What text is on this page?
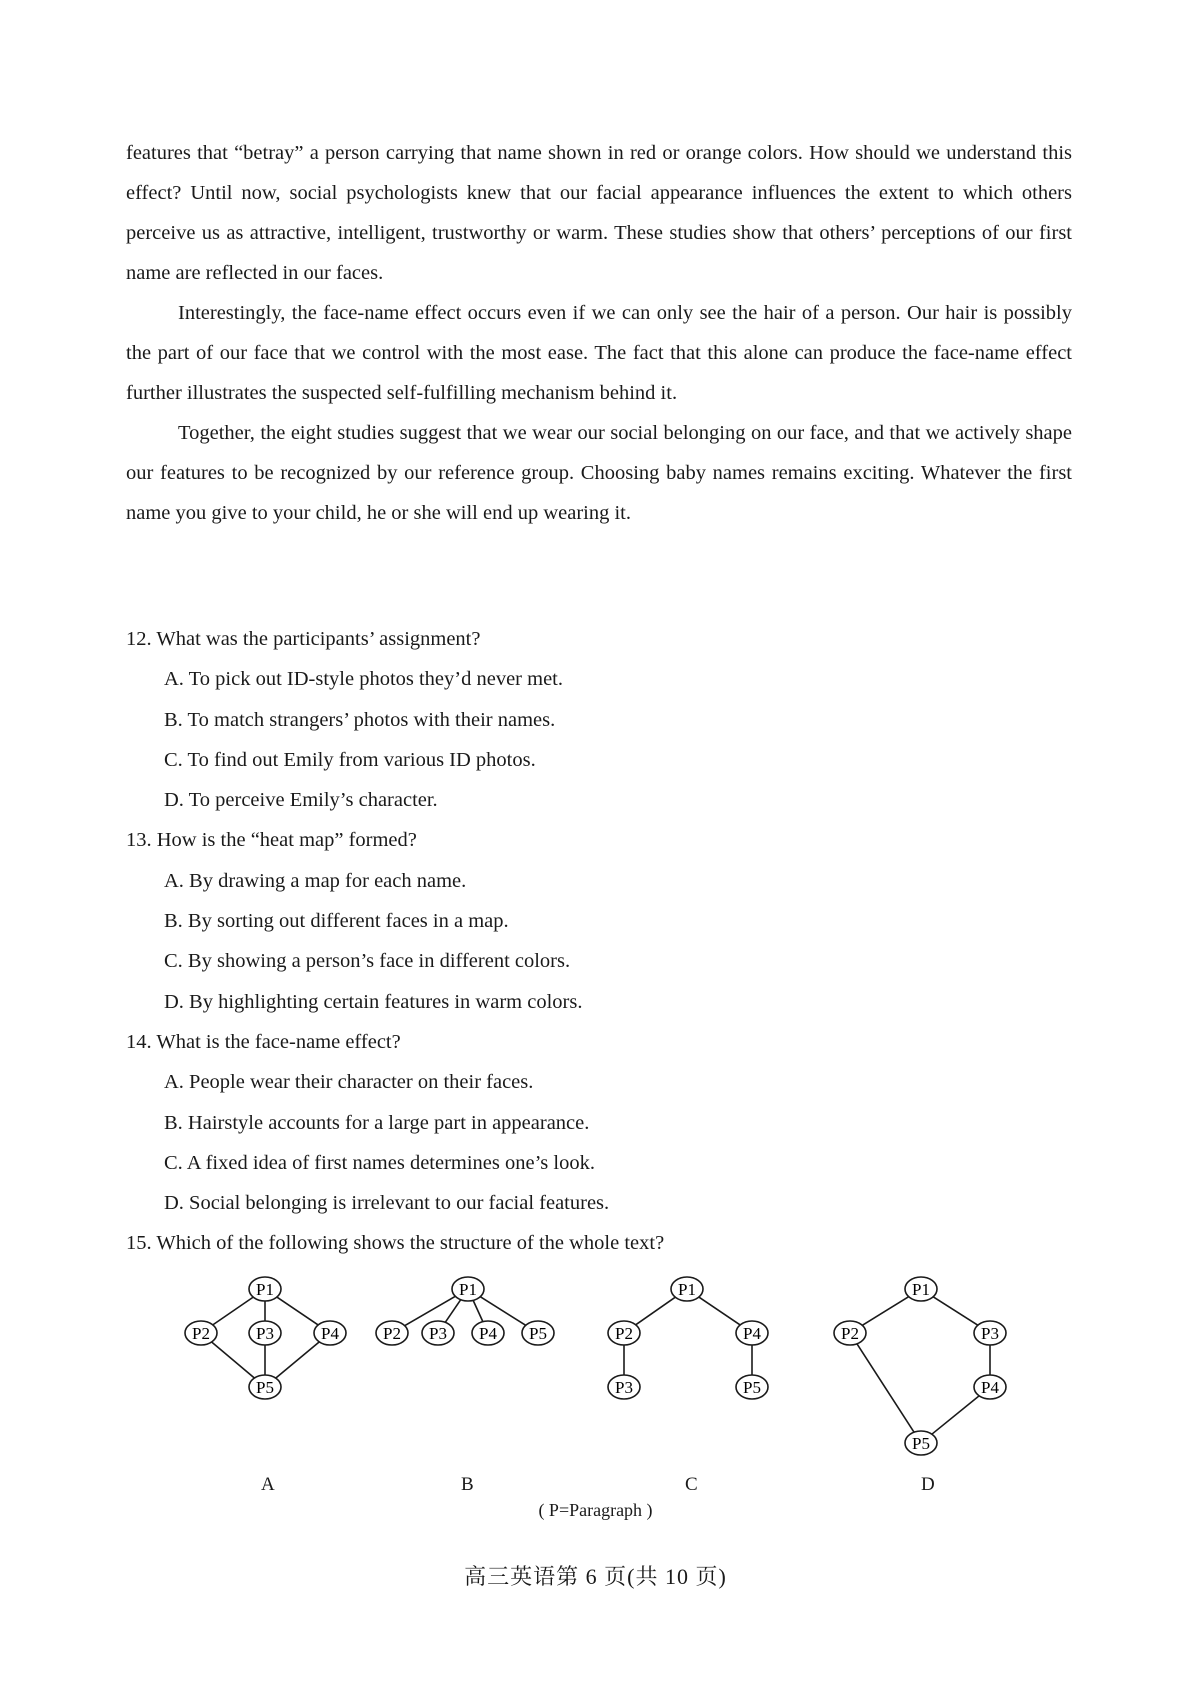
features that “betray” a person carrying that name shown in red or orange colors. How should we understand this effect? Until now, social psychologists knew that our facial appearance influences the extent to which others perceive us as attractive, intelligent, trustworthy or warm. These studies show that others’ perceptions of our first name are reflected in our faces.

Interestingly, the face-name effect occurs even if we can only see the hair of a person. Our hair is possibly the part of our face that we control with the most ease. The fact that this alone can produce the face-name effect further illustrates the suspected self-fulfilling mechanism behind it.

Together, the eight studies suggest that we wear our social belonging on our face, and that we actively shape our features to be recognized by our reference group. Choosing baby names remains exciting. Whatever the first name you give to your child, he or she will end up wearing it.

12. What was the participants’ assignment?
A. To pick out ID-style photos they’d never met.
B. To match strangers’ photos with their names.
C. To find out Emily from various ID photos.
D. To perceive Emily’s character.
13. How is the “heat map” formed?
A. By drawing a map for each name.
B. By sorting out different faces in a map.
C. By showing a person’s face in different colors.
D. By highlighting certain features in warm colors.
14. What is the face-name effect?
A. People wear their character on their faces.
B. Hairstyle accounts for a large part in appearance.
C. A fixed idea of first names determines one’s look.
D. Social belonging is irrelevant to our facial features.
15. Which of the following shows the structure of the whole text?
P1
P2	P3	P4
P5
P1
P2 P3 P4 P5
P1
P2	P4
P3	P5
P1
P2	P3
P4
P5
A	B	C	D
( P=Paragraph )
高三英语第 6 页(共 10 页)
